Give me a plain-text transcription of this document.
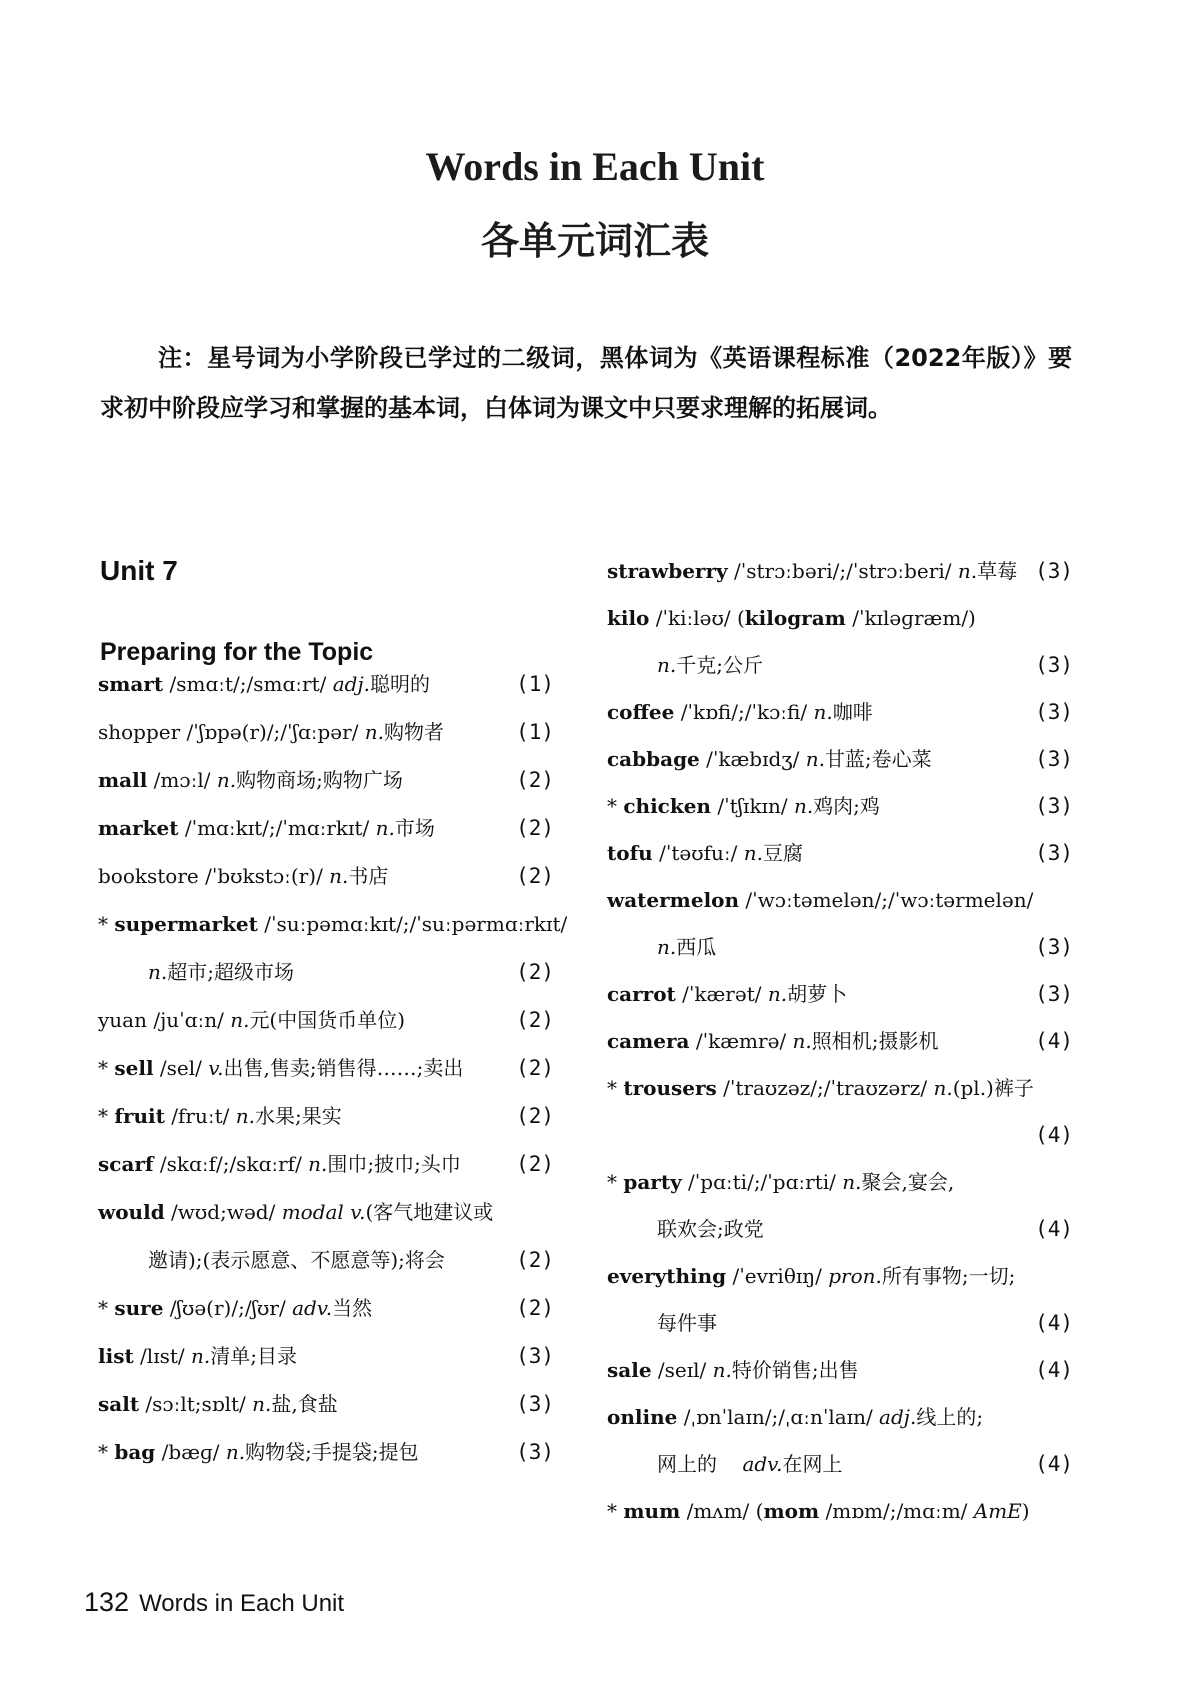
Words in Each Unit
各单元词汇表
注：星号词为小学阶段已学过的二级词，黑体词为《英语课程标准（2022年版）》要求初中阶段应学习和掌握的基本词，白体词为课文中只要求理解的拓展词。
Unit 7
Preparing for the Topic
smart /smɑːt/;/smɑːrt/ adj.聪明的	(1)
shopper /ˈʃɒpə(r)/;/ˈʃɑːpər/ n.购物者	(1)
mall /mɔːl/ n.购物商场;购物广场	(2)
market /ˈmɑːkɪt/;/ˈmɑːrkɪt/ n.市场	(2)
bookstore /ˈbʊkstɔː(r)/ n.书店	(2)
* supermarket /ˈsuːpəmɑːkɪt/;/ˈsuːpərmɑːrkɪt/
n.超市;超级市场	(2)
yuan /juˈɑːn/ n.元(中国货币单位)	(2)
* sell /sel/ v.出售,售卖;销售得……;卖出	(2)
* fruit /fruːt/ n.水果;果实	(2)
scarf /skɑːf/;/skɑːrf/ n.围巾;披巾;头巾	(2)
would /wʊd;wəd/ modal v.(客气地建议或
邀请);(表示愿意、不愿意等);将会	(2)
* sure /ʃʊə(r)/;/ʃʊr/ adv.当然	(2)
list /lɪst/ n.清单;目录	(3)
salt /sɔːlt;sɒlt/ n.盐,食盐	(3)
* bag /bæɡ/ n.购物袋;手提袋;提包	(3)
strawberry /ˈstrɔːbəri/;/ˈstrɔːberi/ n.草莓 (3)
kilo /ˈkiːləʊ/ (kilogram /ˈkɪləɡræm/)
n.千克;公斤	(3)
coffee /ˈkɒfi/;/ˈkɔːfi/ n.咖啡	(3)
cabbage /ˈkæbɪdʒ/ n.甘蓝;卷心菜	(3)
* chicken /ˈtʃɪkɪn/ n.鸡肉;鸡	(3)
tofu /ˈtəʊfuː/ n.豆腐	(3)
watermelon /ˈwɔːtəmelən/;/ˈwɔːtərmelən/
n.西瓜	(3)
carrot /ˈkærət/ n.胡萝卜	(3)
camera /ˈkæmrə/ n.照相机;摄影机	(4)
* trousers /ˈtraʊzəz/;/ˈtraʊzərz/ n.(pl.)裤子
(4)
* party /ˈpɑːti/;/ˈpɑːrti/ n.聚会,宴会,
联欢会;政党	(4)
everything /ˈevriθɪŋ/ pron.所有事物;一切;
每件事	(4)
sale /seɪl/ n.特价销售;出售	(4)
online /ˌɒnˈlaɪn/;/ˌɑːnˈlaɪn/ adj.线上的;
网上的 adv.在网上	(4)
* mum /mʌm/ (mom /mɒm/;/mɑːm/ AmE)
132 Words in Each Unit
